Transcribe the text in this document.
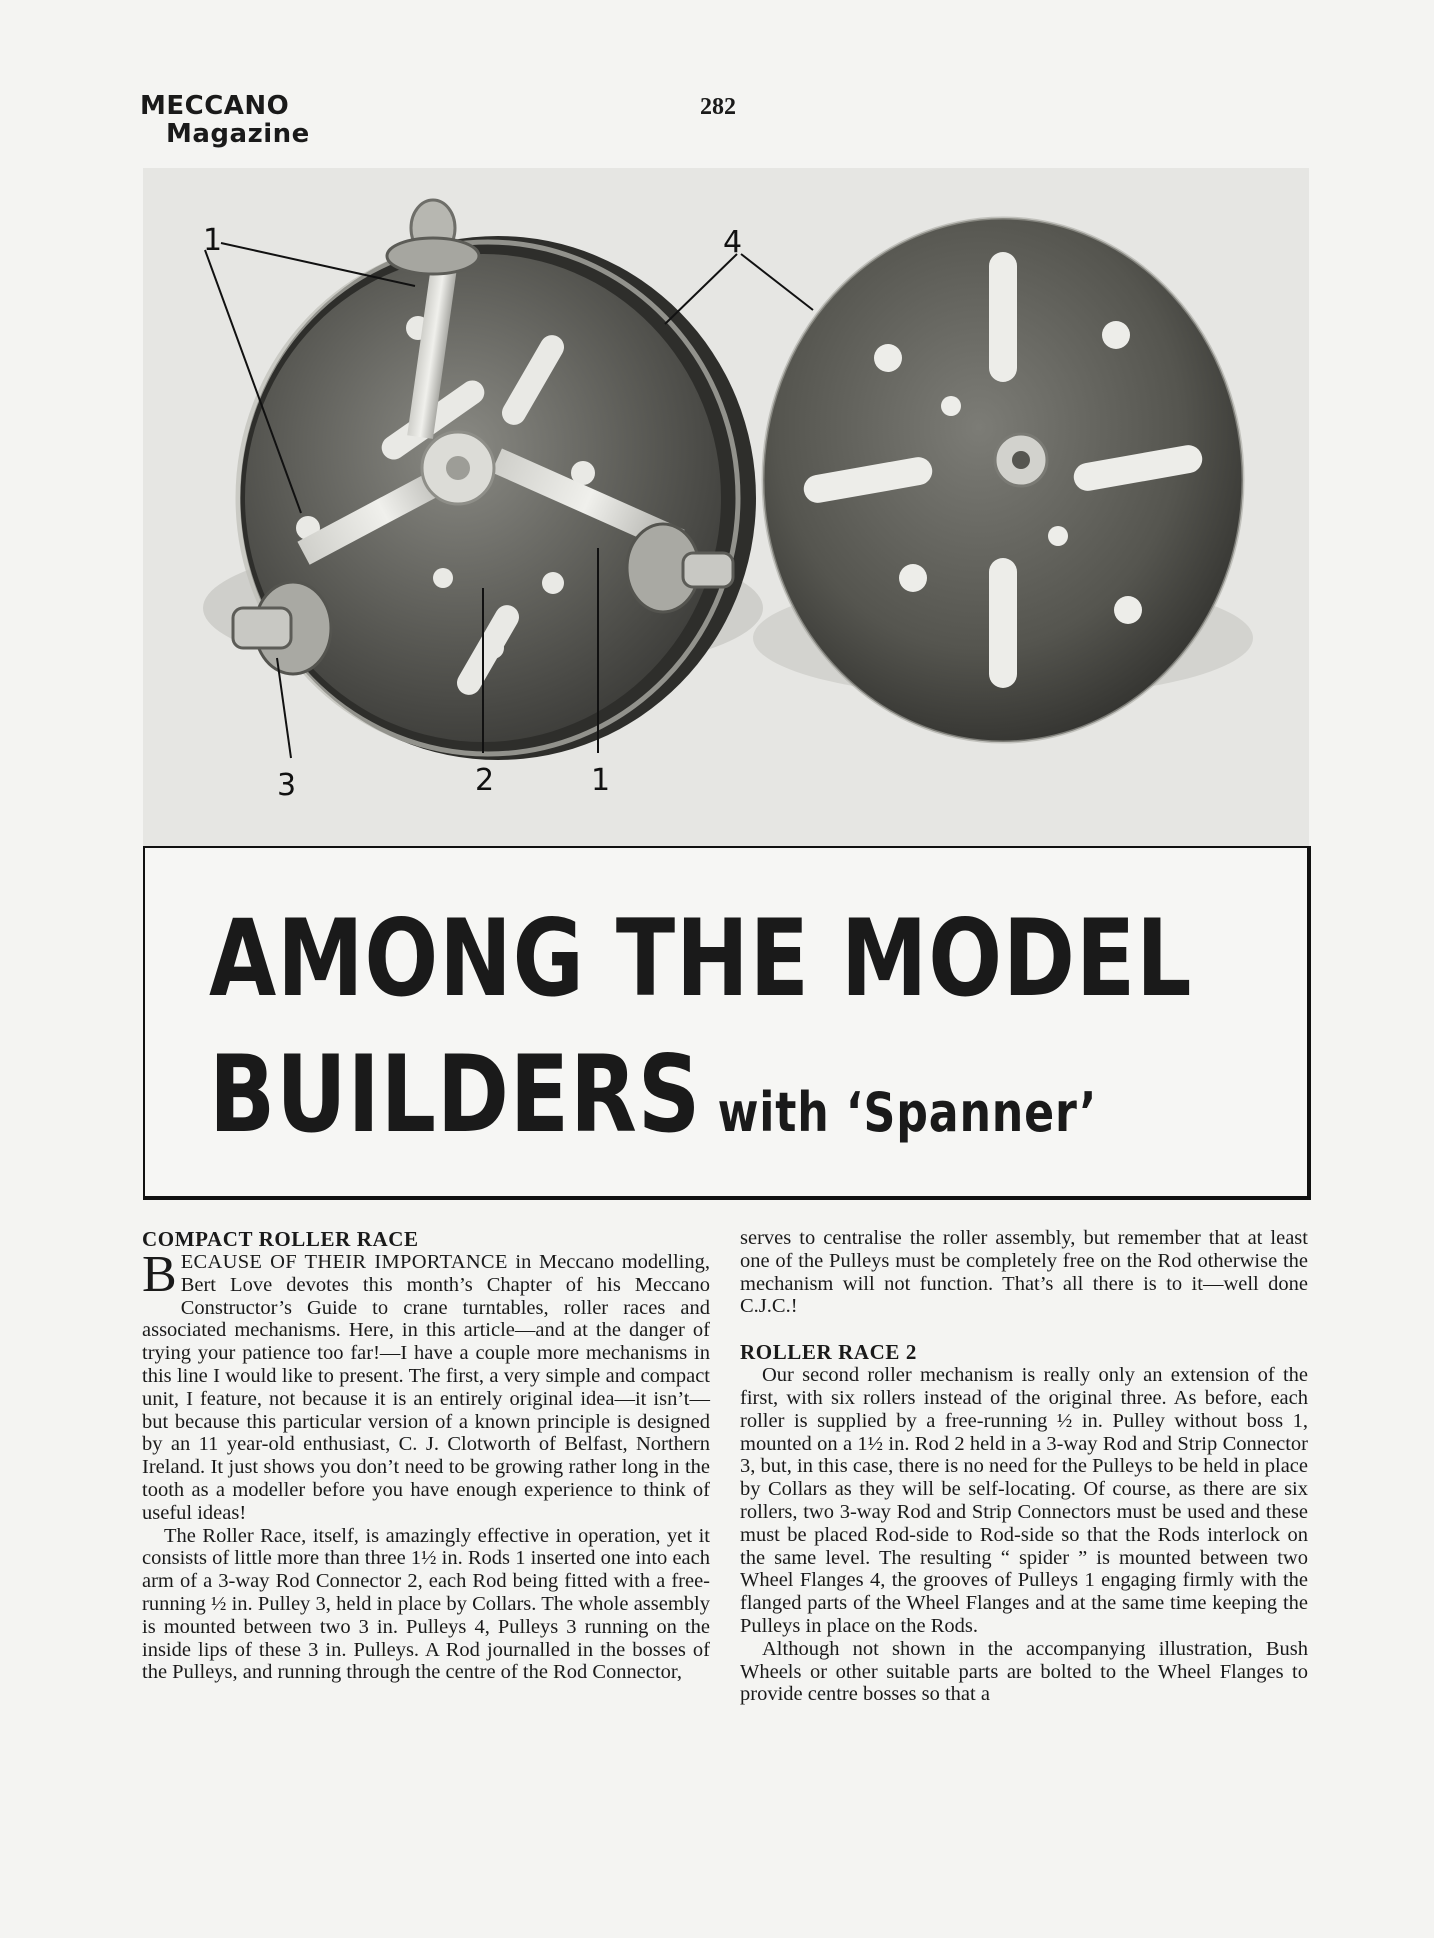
MECCANO
Magazine
282
1	4
3	2	1
AMONG THE MODEL
BUILDERS with ‘Spanner’
COMPACT ROLLER RACE

BECAUSE OF THEIR IMPORTANCE in Meccano modelling, Bert Love devotes this month’s Chapter of his Meccano Constructor’s Guide to crane turntables, roller races and associated mechanisms. Here, in this article—and at the danger of trying your patience too far!—I have a couple more mechanisms in this line I would like to present. The first, a very simple and compact unit, I feature, not because it is an entirely original idea—it isn’t—but because this particular version of a known principle is designed by an 11 year-old enthusiast, C. J. Clotworth of Belfast, Northern Ireland. It just shows you don’t need to be growing rather long in the tooth as a modeller before you have enough experience to think of useful ideas!

The Roller Race, itself, is amazingly effective in operation, yet it consists of little more than three 1½ in. Rods 1 inserted one into each arm of a 3-way Rod Connector 2, each Rod being fitted with a free-running ½ in. Pulley 3, held in place by Collars. The whole assembly is mounted between two 3 in. Pulleys 4, Pulleys 3 running on the inside lips of these 3 in. Pulleys. A Rod journalled in the bosses of the Pulleys, and running through the centre of the Rod Connector,

serves to centralise the roller assembly, but remember that at least one of the Pulleys must be completely free on the Rod otherwise the mechanism will not function. That’s all there is to it—well done C.J.C.!

ROLLER RACE 2

Our second roller mechanism is really only an extension of the first, with six rollers instead of the original three. As before, each roller is supplied by a free-running ½ in. Pulley without boss 1, mounted on a 1½ in. Rod 2 held in a 3-way Rod and Strip Connector 3, but, in this case, there is no need for the Pulleys to be held in place by Collars as they will be self-locating. Of course, as there are six rollers, two 3-way Rod and Strip Connectors must be used and these must be placed Rod-side to Rod-side so that the Rods interlock on the same level. The resulting “ spider ” is mounted between two Wheel Flanges 4, the grooves of Pulleys 1 engaging firmly with the flanged parts of the Wheel Flanges and at the same time keeping the Pulleys in place on the Rods.

Although not shown in the accompanying illustration, Bush Wheels or other suitable parts are bolted to the Wheel Flanges to provide centre bosses so that a
